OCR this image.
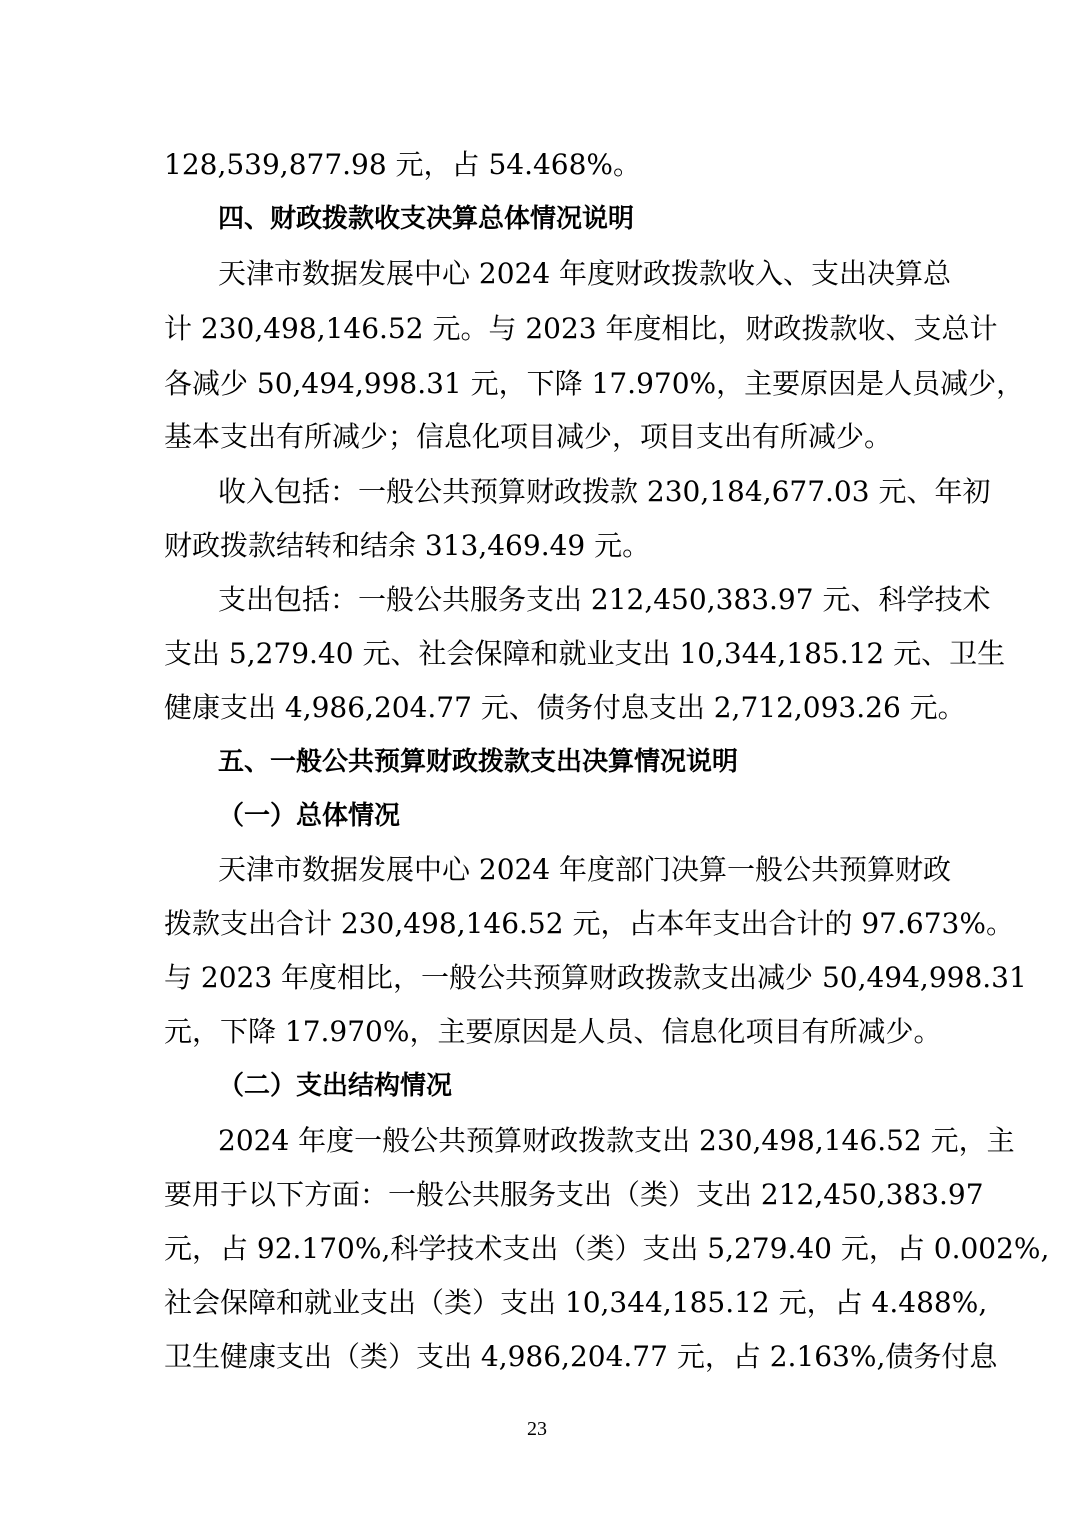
128,539,877.98 元，占 54.468%。
四、财政拨款收支决算总体情况说明
天津市数据发展中心 2024 年度财政拨款收入、支出决算总
计 230,498,146.52 元。与 2023 年度相比，财政拨款收、支总计
各减少 50,494,998.31 元，下降 17.970%，主要原因是人员减少，
基本支出有所减少；信息化项目减少，项目支出有所减少。
收入包括：一般公共预算财政拨款 230,184,677.03 元、年初
财政拨款结转和结余 313,469.49 元。
支出包括：一般公共服务支出 212,450,383.97 元、科学技术
支出 5,279.40 元、社会保障和就业支出 10,344,185.12 元、卫生
健康支出 4,986,204.77 元、债务付息支出 2,712,093.26 元。
五、一般公共预算财政拨款支出决算情况说明
（一）总体情况
天津市数据发展中心 2024 年度部门决算一般公共预算财政
拨款支出合计 230,498,146.52 元，占本年支出合计的 97.673%。
与 2023 年度相比，一般公共预算财政拨款支出减少 50,494,998.31
元，下降 17.970%，主要原因是人员、信息化项目有所减少。
（二）支出结构情况
2024 年度一般公共预算财政拨款支出 230,498,146.52 元，主
要用于以下方面：一般公共服务支出（类）支出 212,450,383.97
元，占 92.170%,科学技术支出（类）支出 5,279.40 元，占 0.002%,
社会保障和就业支出（类）支出 10,344,185.12 元，占 4.488%,
卫生健康支出（类）支出 4,986,204.77 元，占 2.163%,债务付息
23
